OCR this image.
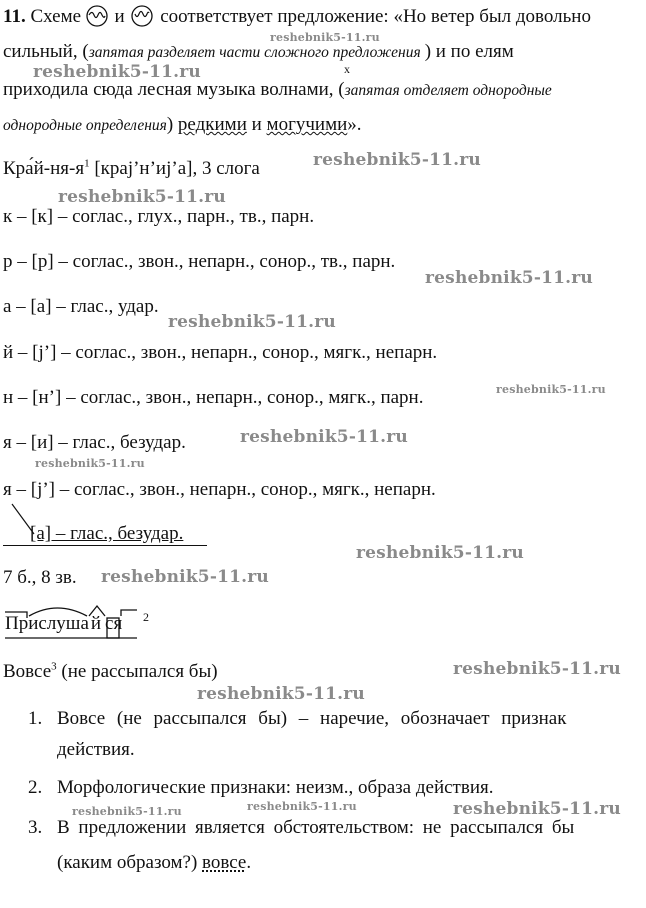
11. Схеме и соответствует предложение: «Но ветер был довольно
сильный, (запятая разделяет части сложного предложения ) и по елям
х
приходила сюда лесная музыка волнами, (запятая отделяет однородные
однородные определения) редкими и могучими».
$Кра́й-ня-я^1$ [кpaj’н’иj’a], 3 слога
к – [к] – соглас., глух., парн., тв., парн.
р – [р] – соглас., звон., непарн., сонор., тв., парн.
а – [а] – глас., удар.
й – [j’] – соглас., звон., непарн., сонор., мягк., непарн.
н – [н’] – соглас., звон., непарн., сонор., мягк., парн.
я – [и] – глас., безудар.
я – [j’] – соглас., звон., непарн., сонор., мягк., непарн.
[a] – глас., безудар.
7 б., 8 зв.
Прислуша й ся 2
Вовсе$^3$ (не рассыпался бы)
1. Вовсе (не рассыпался бы) – наречие, обозначает признак
действия.
2. Морфологические признаки: неизм., образа действия.
3. В предложении является обстоятельством: не рассыпался бы
(каким образом?) вовсе.
reshebnik5-11.ru
reshebnik5-11.ru
reshebnik5-11.ru
reshebnik5-11.ru
reshebnik5-11.ru
reshebnik5-11.ru
reshebnik5-11.ru
reshebnik5-11.ru
reshebnik5-11.ru
reshebnik5-11.ru
reshebnik5-11.ru
reshebnik5-11.ru
reshebnik5-11.ru
reshebnik5-11.ru	reshebnik5-11.ru	reshebnik5-11.ru
